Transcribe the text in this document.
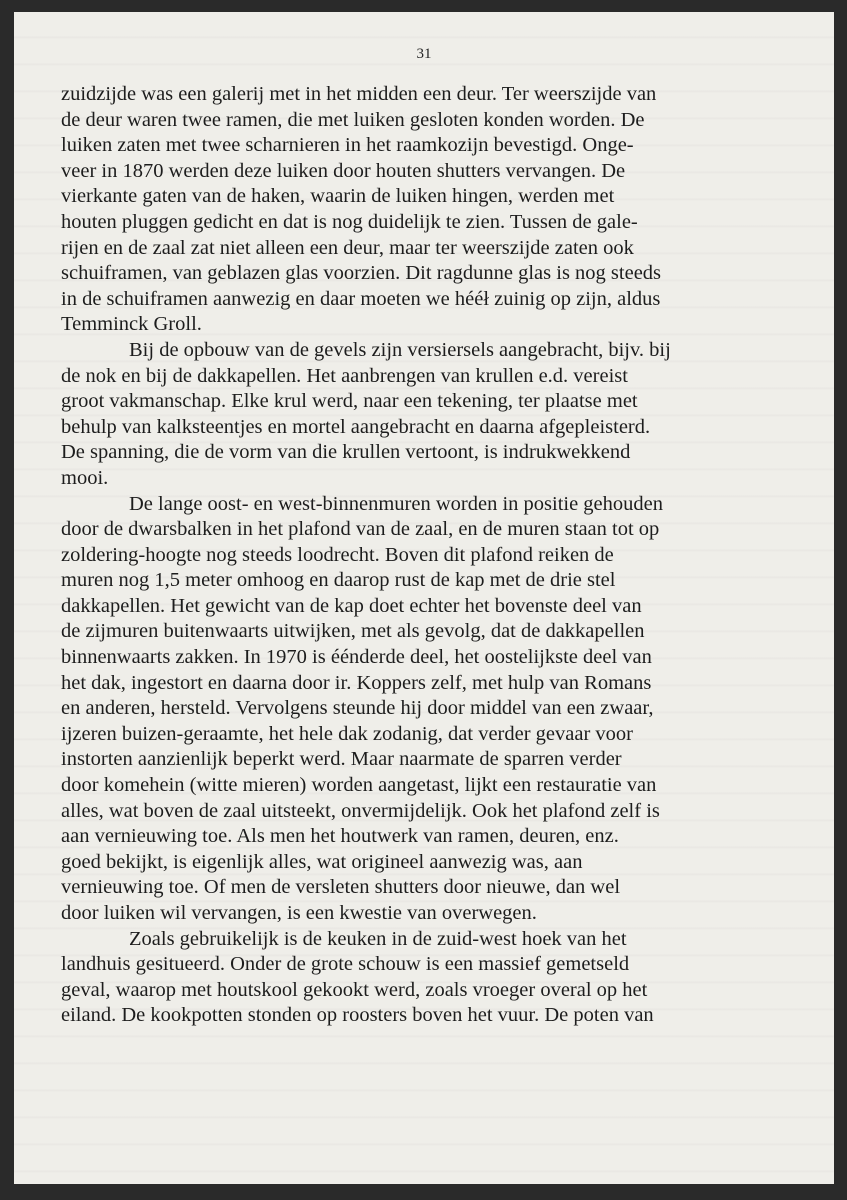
31
zuidzijde was een galerij met in het midden een deur. Ter weerszijde van
de deur waren twee ramen, die met luiken gesloten konden worden. De
luiken zaten met twee scharnieren in het raamkozijn bevestigd. Onge-
veer in 1870 werden deze luiken door houten shutters vervangen. De
vierkante gaten van de haken, waarin de luiken hingen, werden met
houten pluggen gedicht en dat is nog duidelijk te zien. Tussen de gale-
rijen en de zaal zat niet alleen een deur, maar ter weerszijde zaten ook
schuiframen, van geblazen glas voorzien. Dit ragdunne glas is nog steeds
in de schuiframen aanwezig en daar moeten we hééł zuinig op zijn, aldus
Temminck Groll.
Bij de opbouw van de gevels zijn versiersels aangebracht, bijv. bij
de nok en bij de dakkapellen. Het aanbrengen van krullen e.d. vereist
groot vakmanschap. Elke krul werd, naar een tekening, ter plaatse met
behulp van kalksteentjes en mortel aangebracht en daarna afgepleisterd.
De spanning, die de vorm van die krullen vertoont, is indrukwekkend
mooi.
De lange oost- en west-binnenmuren worden in positie gehouden
door de dwarsbalken in het plafond van de zaal, en de muren staan tot op
zoldering-hoogte nog steeds loodrecht. Boven dit plafond reiken de
muren nog 1,5 meter omhoog en daarop rust de kap met de drie stel
dakkapellen. Het gewicht van de kap doet echter het bovenste deel van
de zijmuren buitenwaarts uitwijken, met als gevolg, dat de dakkapellen
binnenwaarts zakken. In 1970 is éénderde deel, het oostelijkste deel van
het dak, ingestort en daarna door ir. Koppers zelf, met hulp van Romans
en anderen, hersteld. Vervolgens steunde hij door middel van een zwaar,
ijzeren buizen-geraamte, het hele dak zodanig, dat verder gevaar voor
instorten aanzienlijk beperkt werd. Maar naarmate de sparren verder
door komehein (witte mieren) worden aangetast, lijkt een restauratie van
alles, wat boven de zaal uitsteekt, onvermijdelijk. Ook het plafond zelf is
aan vernieuwing toe. Als men het houtwerk van ramen, deuren, enz.
goed bekijkt, is eigenlijk alles, wat origineel aanwezig was, aan
vernieuwing toe. Of men de versleten shutters door nieuwe, dan wel
door luiken wil vervangen, is een kwestie van overwegen.
Zoals gebruikelijk is de keuken in de zuid-west hoek van het
landhuis gesitueerd. Onder de grote schouw is een massief gemetseld
geval, waarop met houtskool gekookt werd, zoals vroeger overal op het
eiland. De kookpotten stonden op roosters boven het vuur. De poten van
